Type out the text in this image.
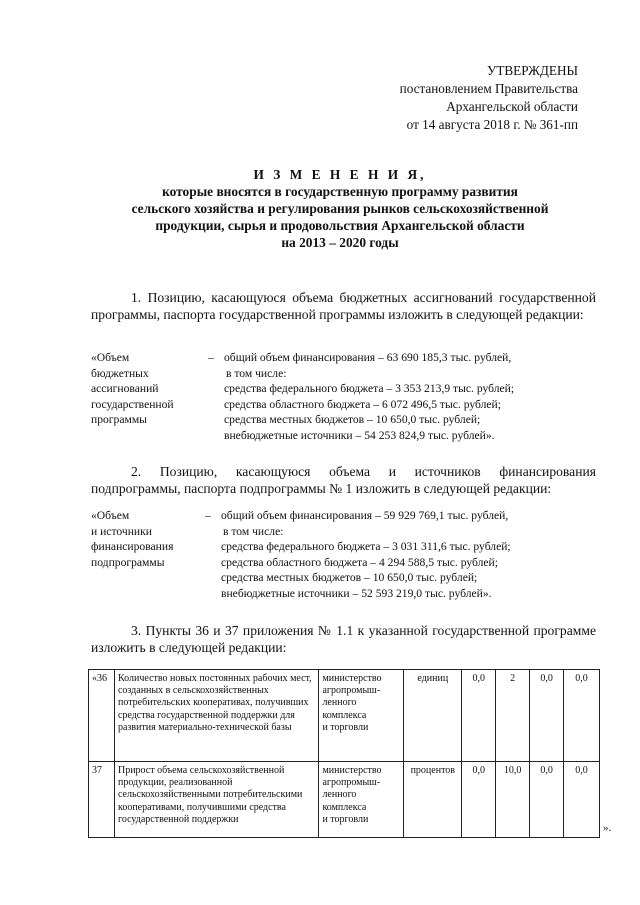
УТВЕРЖДЕНЫ
постановлением Правительства
Архангельской области
от 14 августа 2018 г. № 361-пп
И З М Е Н Е Н И Я,
которые вносятся в государственную программу развития
сельского хозяйства и регулирования рынков сельскохозяйственной
продукции, сырья и продовольствия Архангельской области
на 2013 – 2020 годы
1. Позицию, касающуюся объема бюджетных ассигнований государственной программы, паспорта государственной программы изложить в следующей редакции:
«Объем
бюджетных
ассигнований
государственной
программы
– общий объем финансирования – 63 690 185,3 тыс. рублей,
в том числе:
средства федерального бюджета – 3 353 213,9 тыс. рублей;
средства областного бюджета – 6 072 496,5 тыс. рублей;
средства местных бюджетов – 10 650,0 тыс. рублей;
внебюджетные источники – 54 253 824,9 тыс. рублей».
2. Позицию, касающуюся объема и источников финансирования подпрограммы, паспорта подпрограммы № 1 изложить в следующей редакции:
«Объем
и источники
финансирования
подпрограммы
– общий объем финансирования – 59 929 769,1 тыс. рублей,
в том числе:
средства федерального бюджета – 3 031 311,6 тыс. рублей;
средства областного бюджета – 4 294 588,5 тыс. рублей;
средства местных бюджетов – 10 650,0 тыс. рублей;
внебюджетные источники – 52 593 219,0 тыс. рублей».
3. Пункты 36 и 37 приложения № 1.1 к указанной государственной программе изложить в следующей редакции:
«36	Количество новых постоянных рабочих мест, созданных в сельскохозяйственных потребительских кооперативах, получивших средства государственной поддержки для развития материально-технической базы	министерство
агропромыш-
ленного
комплекса
и торговли	единиц	0,0	2	0,0	0,0
37	Прирост объема сельскохозяйственной продукции, реализованной сельскохозяйственными потребительскими кооперативами, получившими средства государственной поддержки	министерство
агропромыш-
ленного
комплекса
и торговли	процентов	0,0	10,0	0,0	0,0
».
